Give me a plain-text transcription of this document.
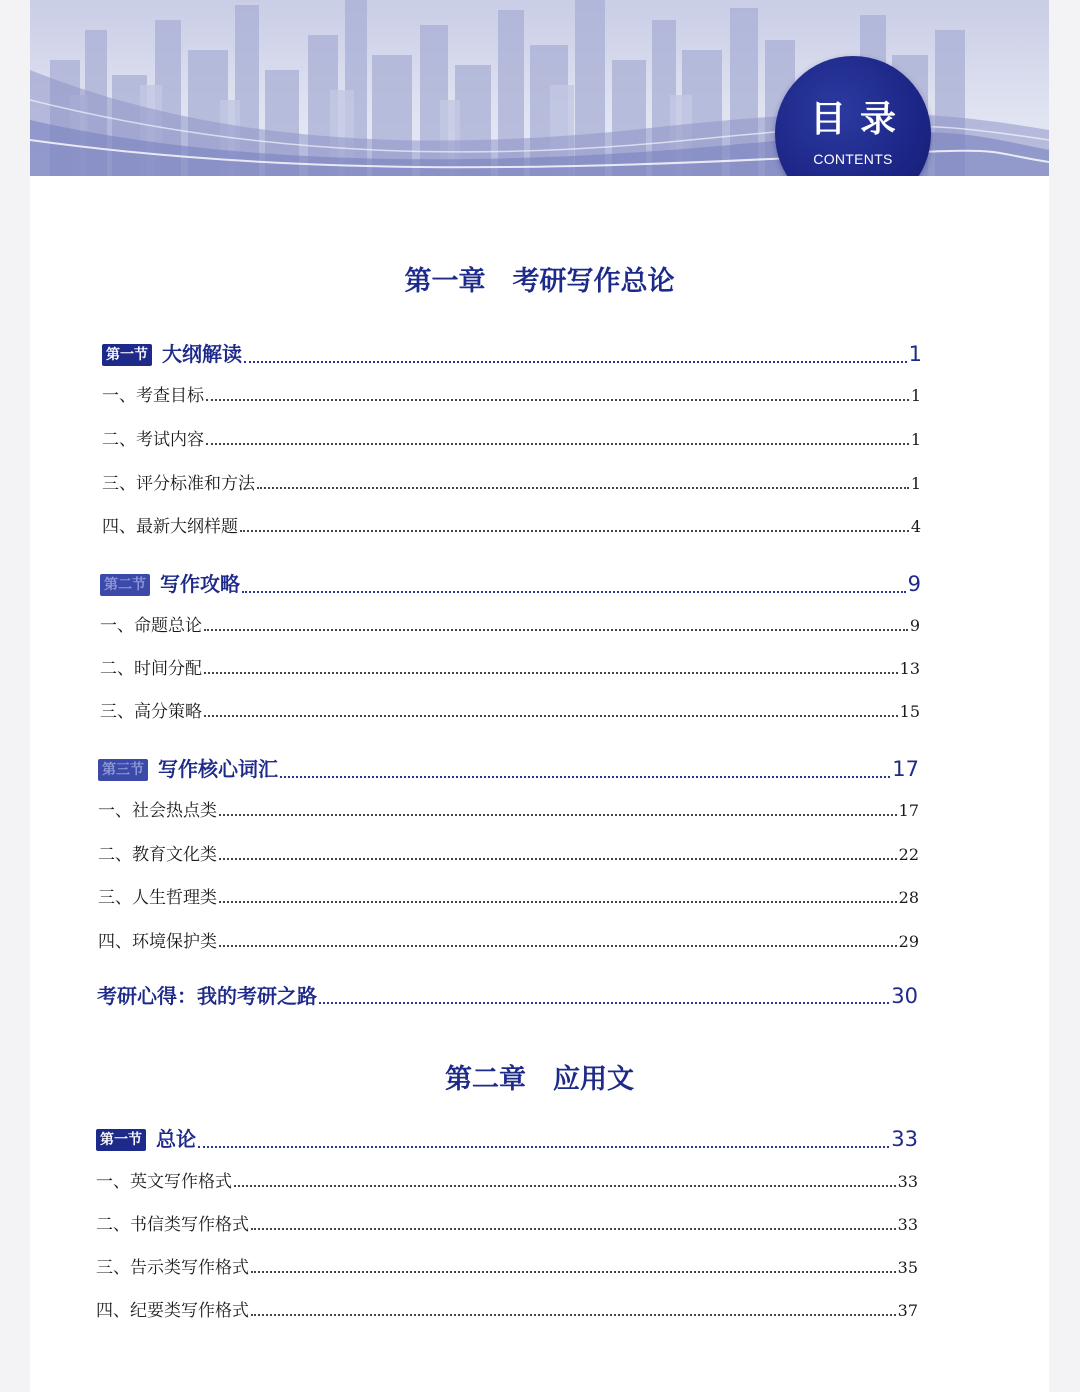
目录
CONTENTS
第一章　考研写作总论
第一节 大纲解读	1
一、考查目标	1
二、考试内容	1
三、评分标准和方法	1
四、最新大纲样题	4
第二节 写作攻略	9
一、命题总论	9
二、时间分配	13
三、高分策略	15
第三节 写作核心词汇	17
一、社会热点类	17
二、教育文化类	22
三、人生哲理类	28
四、环境保护类	29
考研心得：我的考研之路	30
第二章　应用文
第一节 总论	33
一、英文写作格式	33
二、书信类写作格式	33
三、告示类写作格式	35
四、纪要类写作格式	37
